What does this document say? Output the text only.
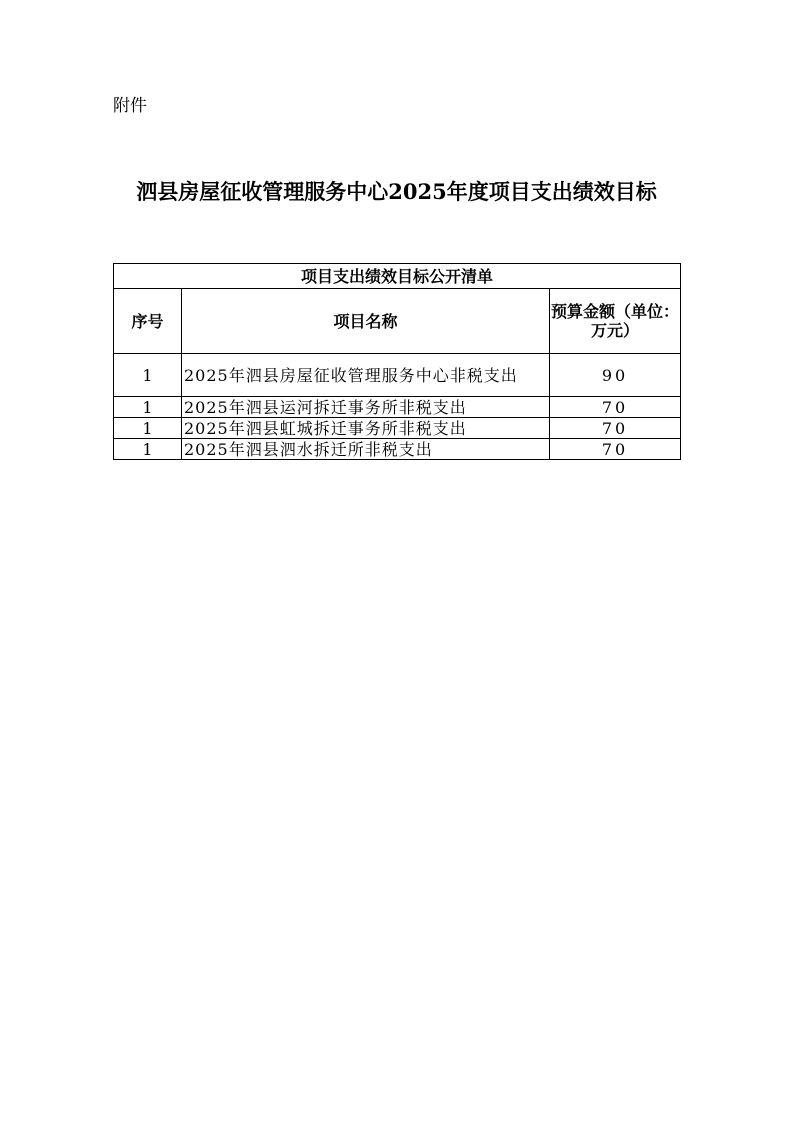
附件
泗县房屋征收管理服务中心2025年度项目支出绩效目标
项目支出绩效目标公开清单		
序号	项目名称	预算金额（单位：万元）
1	2025年泗县房屋征收管理服务中心非税支出	90
1	2025年泗县运河拆迁事务所非税支出	70
1	2025年泗县虹城拆迁事务所非税支出	70
1	2025年泗县泗水拆迁所非税支出	70
